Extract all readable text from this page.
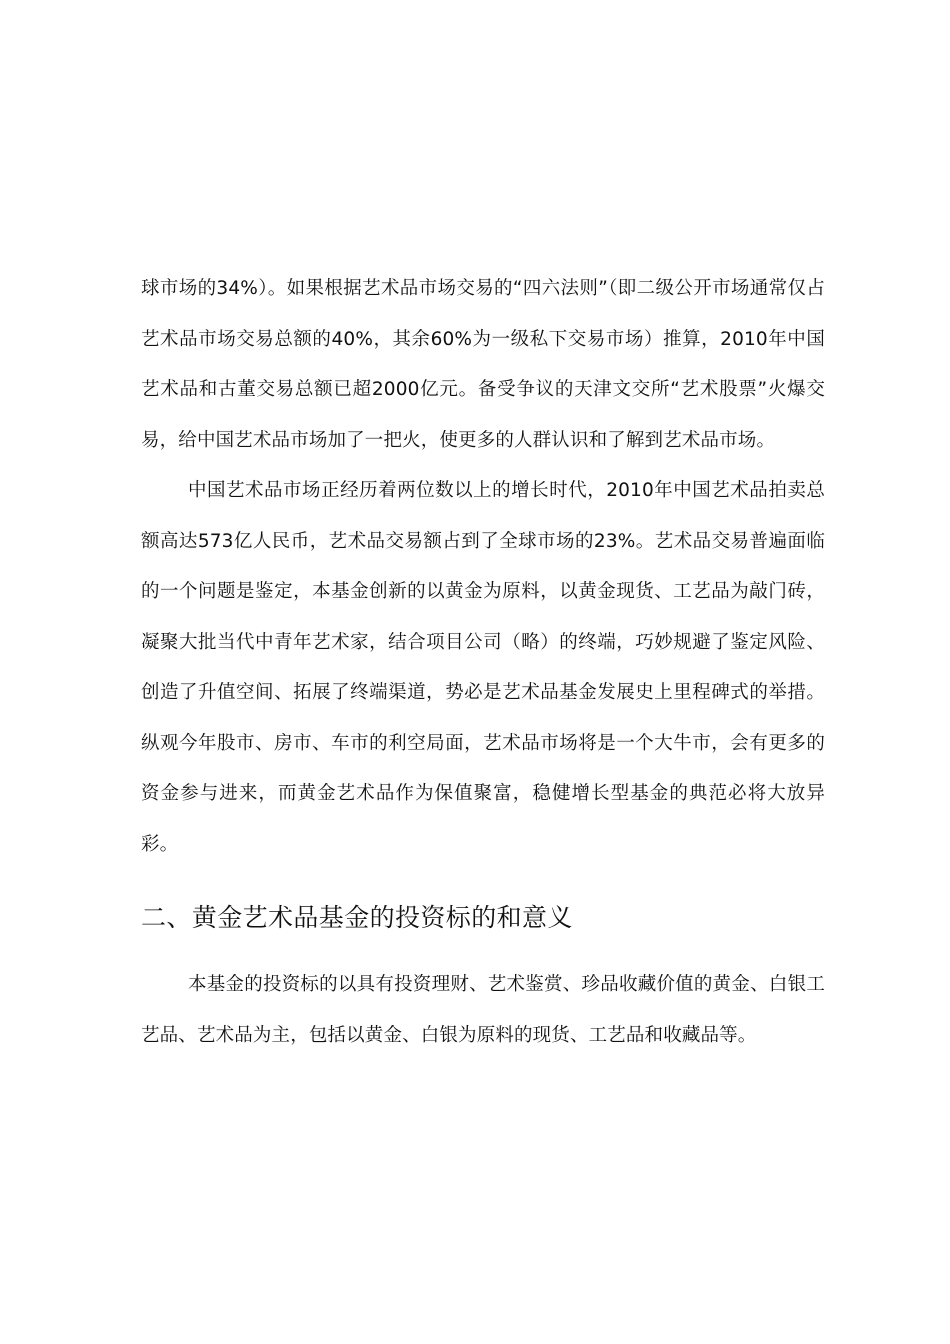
球市场的34%）。如果根据艺术品市场交易的“四六法则”（即二级公开市场通常仅占艺术品市场交易总额的40%，其余60%为一级私下交易市场）推算，2010年中国艺术品和古董交易总额已超2000亿元。备受争议的天津文交所“艺术股票”火爆交易，给中国艺术品市场加了一把火，使更多的人群认识和了解到艺术品市场。

中国艺术品市场正经历着两位数以上的增长时代，2010年中国艺术品拍卖总额高达573亿人民币，艺术品交易额占到了全球市场的23%。艺术品交易普遍面临的一个问题是鉴定，本基金创新的以黄金为原料，以黄金现货、工艺品为敲门砖，凝聚大批当代中青年艺术家，结合项目公司（略）的终端，巧妙规避了鉴定风险、创造了升值空间、拓展了终端渠道，势必是艺术品基金发展史上里程碑式的举措。纵观今年股市、房市、车市的利空局面，艺术品市场将是一个大牛市，会有更多的资金参与进来，而黄金艺术品作为保值聚富，稳健增长型基金的典范必将大放异彩。

二、黄金艺术品基金的投资标的和意义

本基金的投资标的以具有投资理财、艺术鉴赏、珍品收藏价值的黄金、白银工艺品、艺术品为主，包括以黄金、白银为原料的现货、工艺品和收藏品等。
